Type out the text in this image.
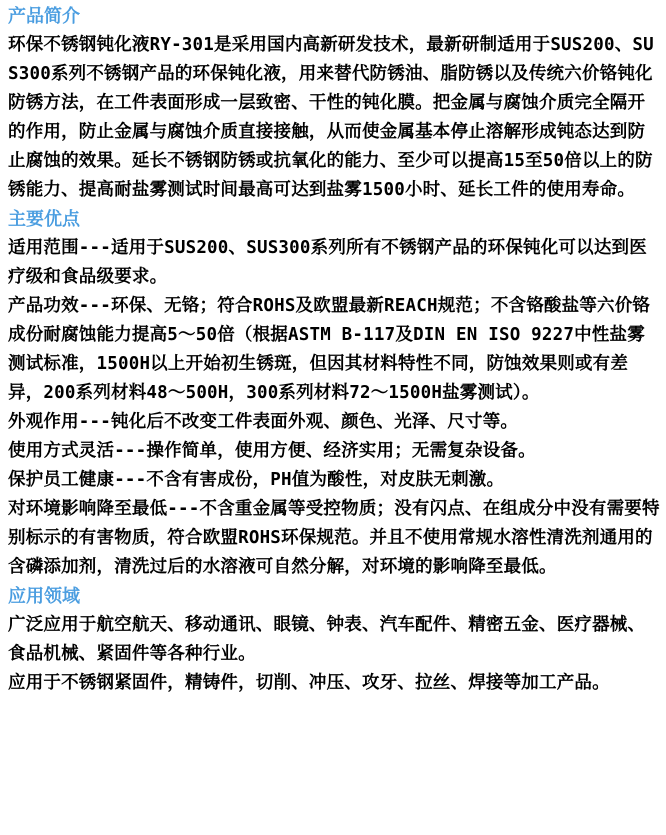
产品简介
环保不锈钢钝化液RY-301是采用国内高新研发技术，最新研制适用于SUS200、SUS300系列不锈钢产品的环保钝化液，用来替代防锈油、脂防锈以及传统六价铬钝化防锈方法，在工件表面形成一层致密、干性的钝化膜。把金属与腐蚀介质完全隔开的作用，防止金属与腐蚀介质直接接触，从而使金属基本停止溶解形成钝态达到防止腐蚀的效果。延长不锈钢防锈或抗氧化的能力、至少可以提高15至50倍以上的防锈能力、提高耐盐雾测试时间最高可达到盐雾1500小时、延长工件的使用寿命。
主要优点
适用范围---适用于SUS200、SUS300系列所有不锈钢产品的环保钝化可以达到医疗级和食品级要求。
产品功效---环保、无铬；符合ROHS及欧盟最新REACH规范；不含铬酸盐等六价铬成份耐腐蚀能力提高5～50倍（根据ASTM B-117及DIN EN ISO 9227中性盐雾测试标准，1500H以上开始初生锈斑，但因其材料特性不同，防蚀效果则或有差异，200系列材料48～500H，300系列材料72～1500H盐雾测试）。
外观作用---钝化后不改变工件表面外观、颜色、光泽、尺寸等。
使用方式灵活---操作简单，使用方便、经济实用；无需复杂设备。
保护员工健康---不含有害成份，PH值为酸性，对皮肤无刺激。
对环境影响降至最低---不含重金属等受控物质；没有闪点、在组成分中没有需要特别标示的有害物质，符合欧盟ROHS环保规范。并且不使用常规水溶性清洗剂通用的含磷添加剂，清洗过后的水溶液可自然分解，对环境的影响降至最低。
应用领域
广泛应用于航空航天、移动通讯、眼镜、钟表、汽车配件、精密五金、医疗器械、食品机械、紧固件等各种行业。
应用于不锈钢紧固件，精铸件，切削、冲压、攻牙、拉丝、焊接等加工产品。
